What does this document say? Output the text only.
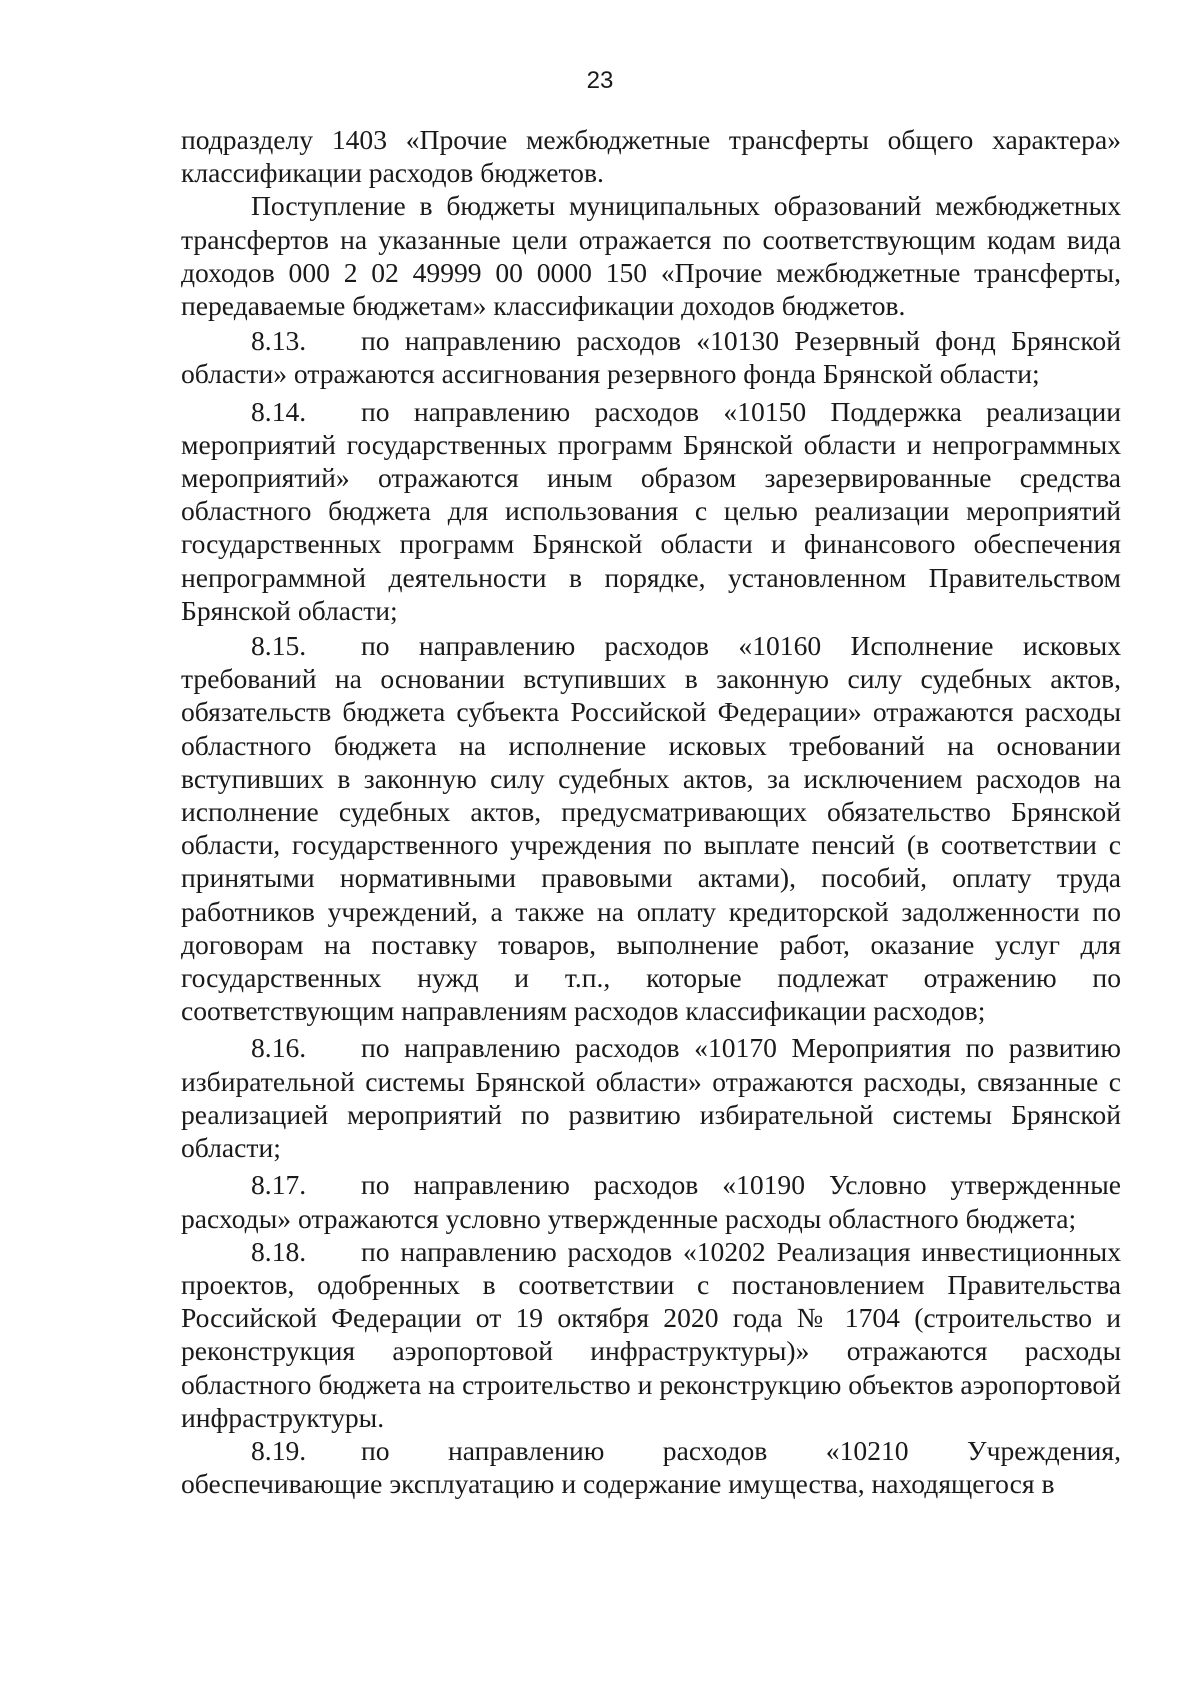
23

подразделу 1403 «Прочие межбюджетные трансферты общего характера» классификации расходов бюджетов.

Поступление в бюджеты муниципальных образований межбюджетных трансфертов на указанные цели отражается по соответствующим кодам вида доходов 000 2 02 49999 00 0000 150 «Прочие межбюджетные трансферты, передаваемые бюджетам» классификации доходов бюджетов.

8.13. по направлению расходов «10130 Резервный фонд Брянской области» отражаются ассигнования резервного фонда Брянской области;

8.14. по направлению расходов «10150 Поддержка реализации мероприятий государственных программ Брянской области и непрограммных мероприятий» отражаются иным образом зарезервированные средства областного бюджета для использования с целью реализации мероприятий государственных программ Брянской области и финансового обеспечения непрограммной деятельности в порядке, установленном Правительством Брянской области;

8.15. по направлению расходов «10160 Исполнение исковых требований на основании вступивших в законную силу судебных актов, обязательств бюджета субъекта Российской Федерации» отражаются расходы областного бюджета на исполнение исковых требований на основании вступивших в законную силу судебных актов, за исключением расходов на исполнение судебных актов, предусматривающих обязательство Брянской области, государственного учреждения по выплате пенсий (в соответствии с принятыми нормативными правовыми актами), пособий, оплату труда работников учреждений, а также на оплату кредиторской задолженности по договорам на поставку товаров, выполнение работ, оказание услуг для государственных нужд и т.п., которые подлежат отражению по соответствующим направлениям расходов классификации расходов;

8.16. по направлению расходов «10170 Мероприятия по развитию избирательной системы Брянской области» отражаются расходы, связанные с реализацией мероприятий по развитию избирательной системы Брянской области;

8.17. по направлению расходов «10190 Условно утвержденные расходы» отражаются условно утвержденные расходы областного бюджета;

8.18. по направлению расходов «10202 Реализация инвестиционных проектов, одобренных в соответствии с постановлением Правительства Российской Федерации от 19 октября 2020 года № 1704 (строительство и реконструкция аэропортовой инфраструктуры)» отражаются расходы областного бюджета на строительство и реконструкцию объектов аэропортовой инфраструктуры.

8.19. по направлению расходов «10210 Учреждения, обеспечивающие эксплуатацию и содержание имущества, находящегося в
